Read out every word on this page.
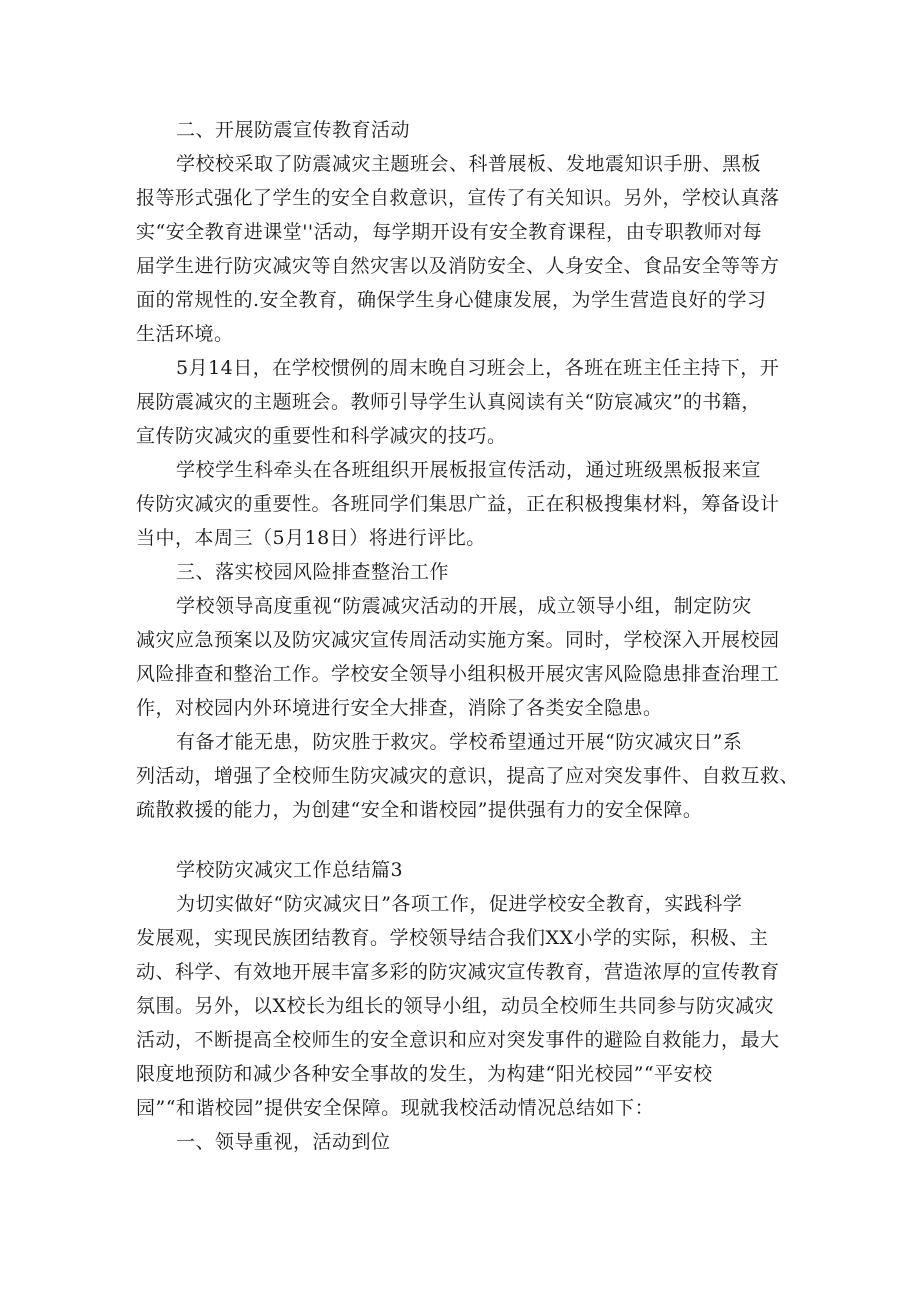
二、开展防震宣传教育活动
学校校采取了防震减灾主题班会、科普展板、发地震知识手册、黑板
报等形式强化了学生的安全自救意识，宣传了有关知识。另外，学校认真落
实“安全教育进课堂''活动，每学期开设有安全教育课程，由专职教师对每
届学生进行防灾减灾等自然灾害以及消防安全、人身安全、食品安全等等方
面的常规性的.安全教育，确保学生身心健康发展，为学生营造良好的学习
生活环境。
5月14日，在学校惯例的周末晚自习班会上，各班在班主任主持下，开
展防震减灾的主题班会。教师引导学生认真阅读有关“防宸减灾”的书籍，
宣传防灾减灾的重要性和科学减灾的技巧。
学校学生科牵头在各班组织开展板报宣传活动，通过班级黑板报来宣
传防灾减灾的重要性。各班同学们集思广益，正在积极搜集材料，筹备设计
当中，本周三（5月18日）将进行评比。
三、落实校园风险排查整治工作
学校领导高度重视“防震减灾活动的开展，成立领导小组，制定防灾
减灾应急预案以及防灾减灾宣传周活动实施方案。同时，学校深入开展校园
风险排查和整治工作。学校安全领导小组积极开展灾害风险隐患排查治理工
作，对校园内外环境进行安全大排查，消除了各类安全隐患。
有备才能无患，防灾胜于救灾。学校希望通过开展“防灾减灾日”系
列活动，增强了全校师生防灾减灾的意识，提高了应对突发事件、自救互救、
疏散救援的能力，为创建“安全和谐校园”提供强有力的安全保障。
学校防灾减灾工作总结篇3
为切实做好“防灾减灾日”各项工作，促进学校安全教育，实践科学
发展观，实现民族团结教育。学校领导结合我们XX小学的实际，积极、主
动、科学、有效地开展丰富多彩的防灾减灾宣传教育，营造浓厚的宣传教育
氛围。另外，以X校长为组长的领导小组，动员全校师生共同参与防灾减灾
活动，不断提高全校师生的安全意识和应对突发事件的避险自救能力，最大
限度地预防和减少各种安全事故的发生，为构建“阳光校园”“平安校
园”“和谐校园”提供安全保障。现就我校活动情况总结如下：
一、领导重视，活动到位
